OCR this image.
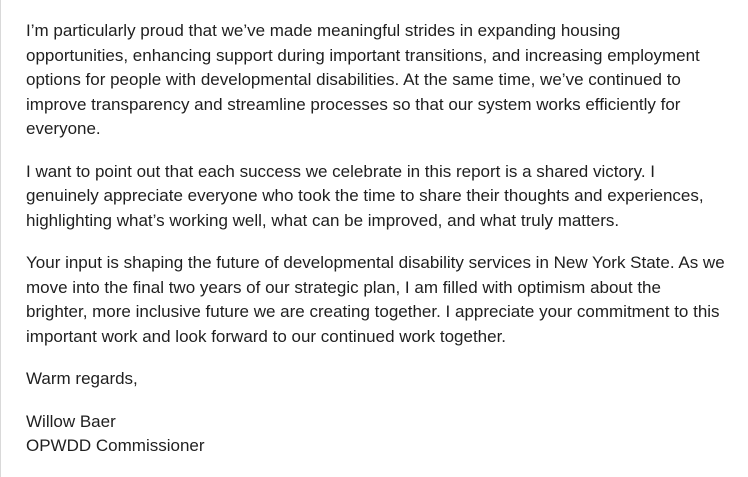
I’m particularly proud that we’ve made meaningful strides in expanding housing opportunities, enhancing support during important transitions, and increasing employment options for people with developmental disabilities. At the same time, we’ve continued to improve transparency and streamline processes so that our system works efficiently for everyone.

I want to point out that each success we celebrate in this report is a shared victory. I genuinely appreciate everyone who took the time to share their thoughts and experiences, highlighting what’s working well, what can be improved, and what truly matters.

Your input is shaping the future of developmental disability services in New York State. As we move into the final two years of our strategic plan, I am filled with optimism about the brighter, more inclusive future we are creating together. I appreciate your commitment to this important work and look forward to our continued work together.

Warm regards,

Willow Baer
OPWDD Commissioner
